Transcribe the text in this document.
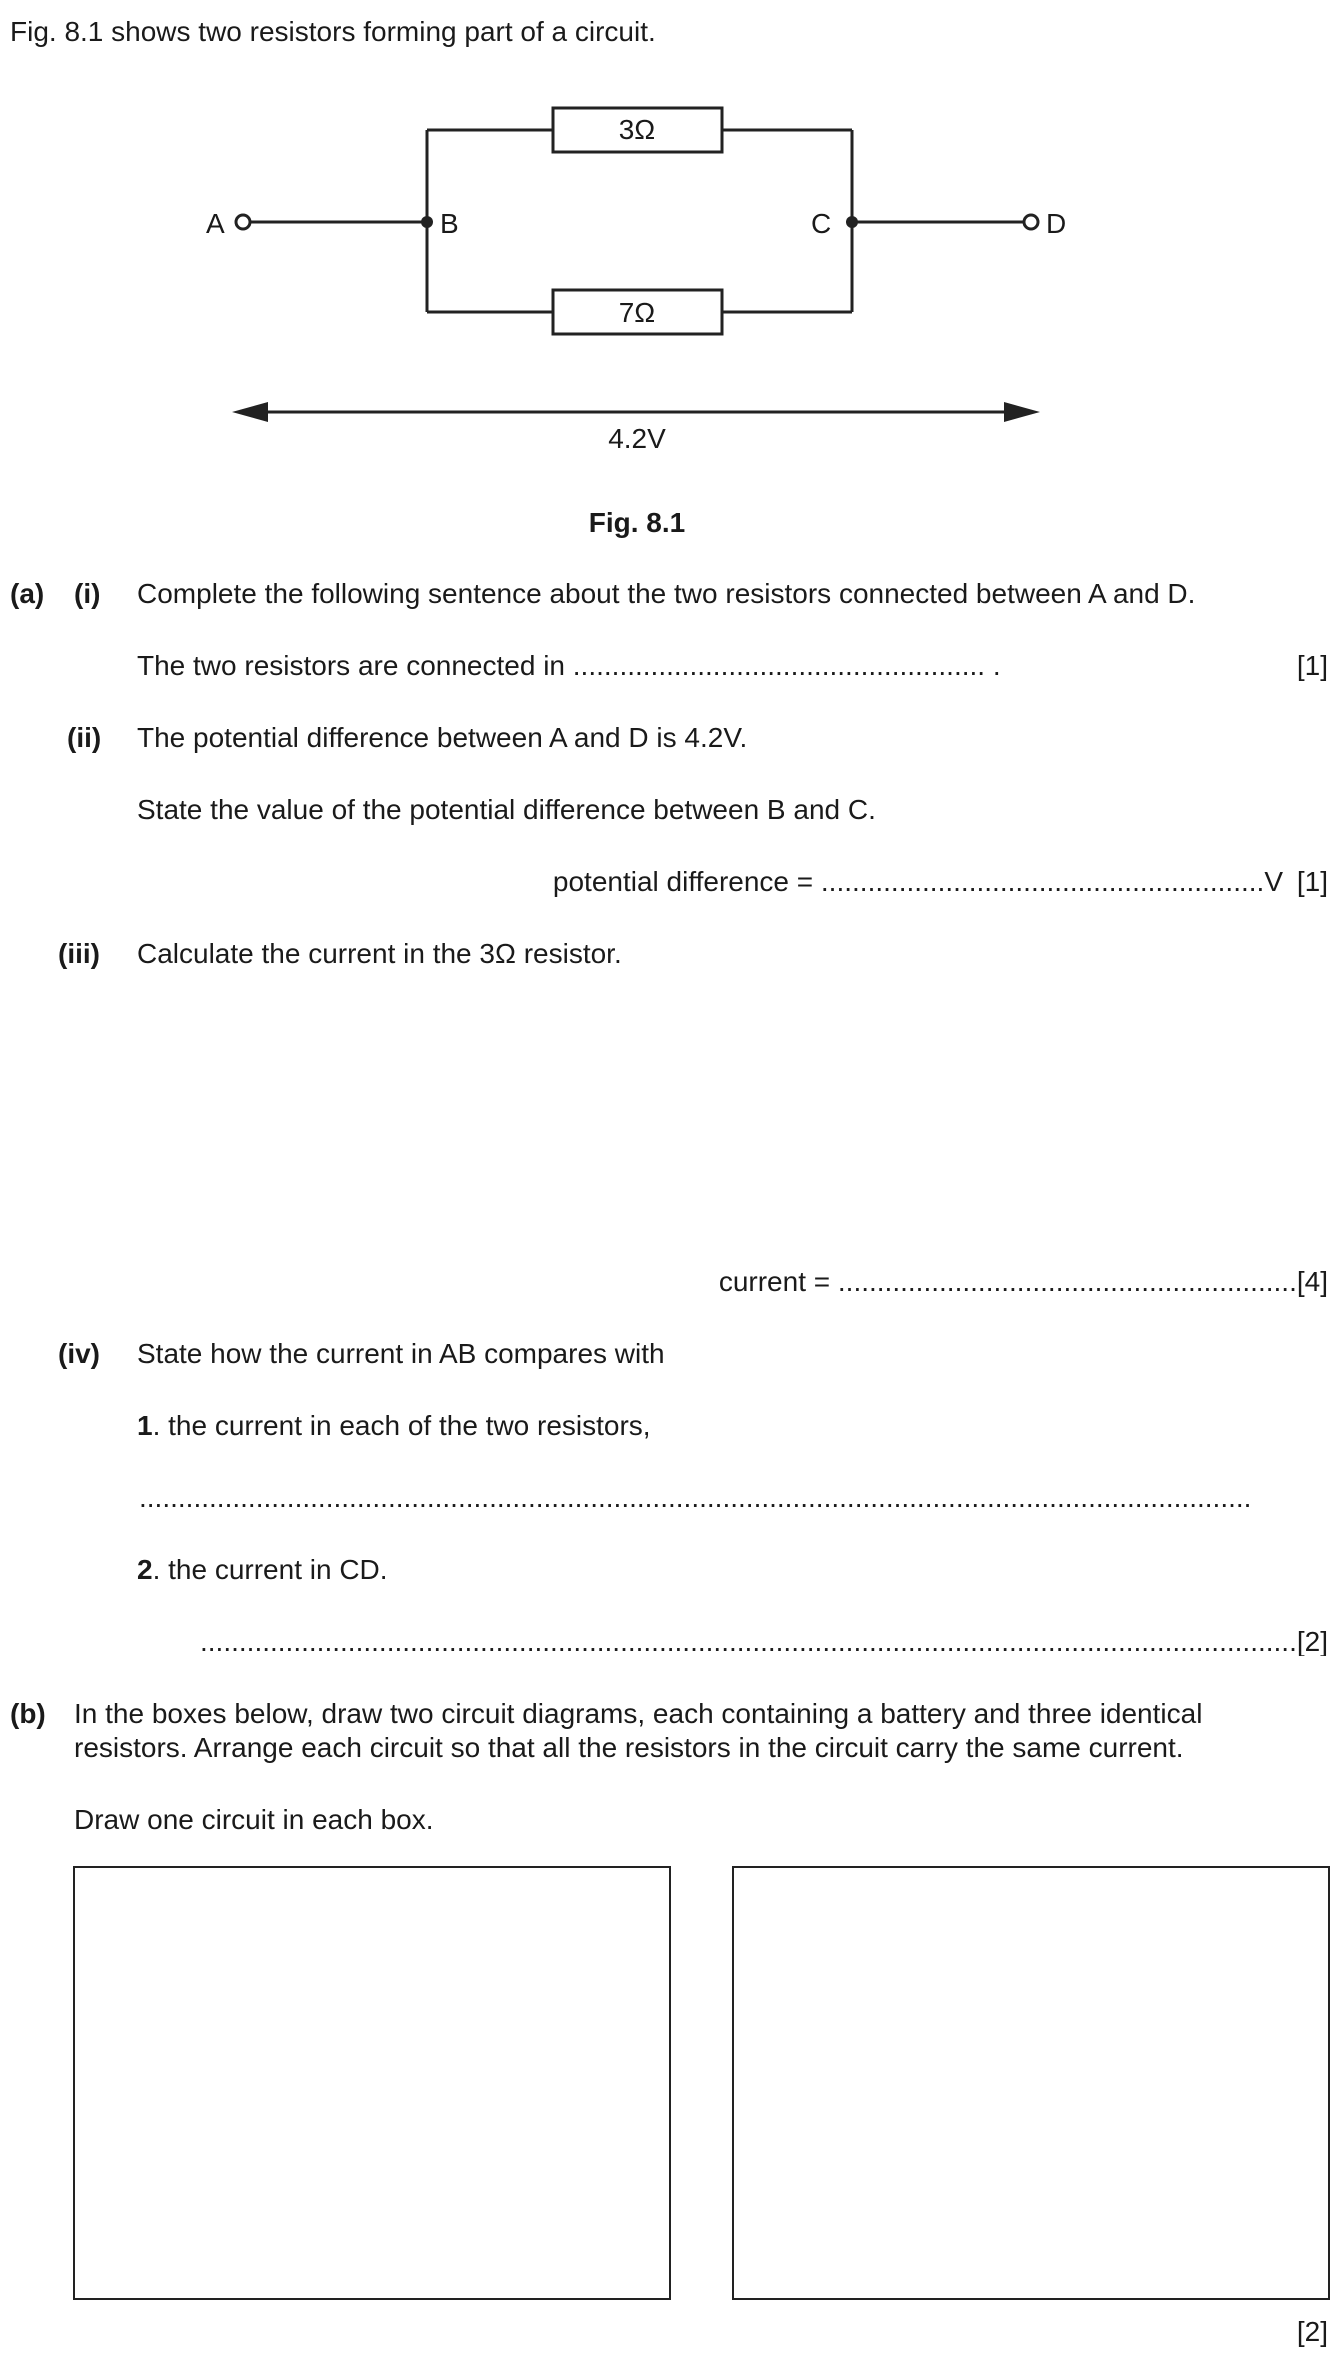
Fig. 8.1 shows two resistors forming part of a circuit.
3Ω
7Ω
A	B	C	D
4.2V
Fig. 8.1
(a) (i) Complete the following sentence about the two resistors connected between A and D.
The two resistors are connected in ..................................................... .	[1]
(ii) The potential difference between A and D is 4.2V.
State the value of the potential difference between B and C.
potential difference = .........................................................V [1]
(iii) Calculate the current in the 3Ω resistor.
current = ...........................................................[4]
(iv) State how the current in AB compares with
1. the current in each of the two resistors,
...............................................................................................................................................
2. the current in CD.
.............................................................................................................................................[2]
(b) In the boxes below, draw two circuit diagrams, each containing a battery and three identical
resistors. Arrange each circuit so that all the resistors in the circuit carry the same current.
Draw one circuit in each box.
[2]
